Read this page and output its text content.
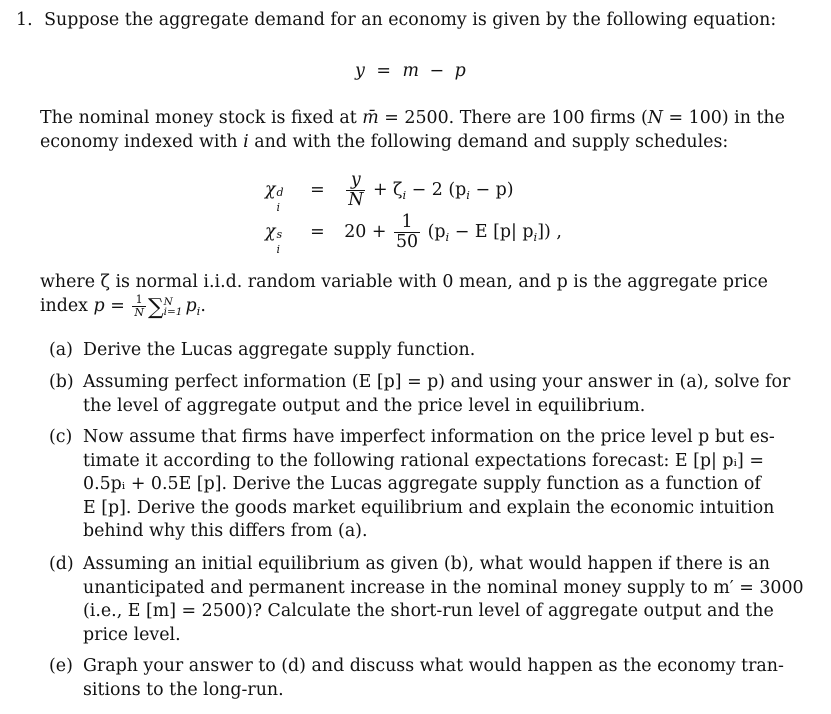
1. Suppose the aggregate demand for an economy is given by the following equation:
y = m − p
The nominal money stock is fixed at m̄ = 2500. There are 100 firms (N = 100) in the
economy indexed with i and with the following demand and supply schedules:
χ d
i
= $\frac{y}{N} + \zeta_i - 2$ $(p_i - p)$
χ s
i
= $20 + \frac{1}{50} (p_i - E$ [p| $p_i$]) ,
where ζ is normal i.i.d. random variable with 0 mean, and p is the aggregate price
index $p = \frac{1}{N}$ ∑ N
i=1 $p_i$.
(a) Derive the Lucas aggregate supply function.
(b) Assuming perfect information (E [p] = p) and using your answer in (a), solve for
the level of aggregate output and the price level in equilibrium.
(c) Now assume that firms have imperfect information on the price level p but es-
timate it according to the following rational expectations forecast: E [p| pᵢ] =
0.5pᵢ + 0.5E [p]. Derive the Lucas aggregate supply function as a function of
E [p]. Derive the goods market equilibrium and explain the economic intuition
behind why this differs from (a).
(d) Assuming an initial equilibrium as given (b), what would happen if there is an
unanticipated and permanent increase in the nominal money supply to m′ = 3000
(i.e., E [m] = 2500)? Calculate the short-run level of aggregate output and the
price level.
(e) Graph your answer to (d) and discuss what would happen as the economy tran-
sitions to the long-run.
